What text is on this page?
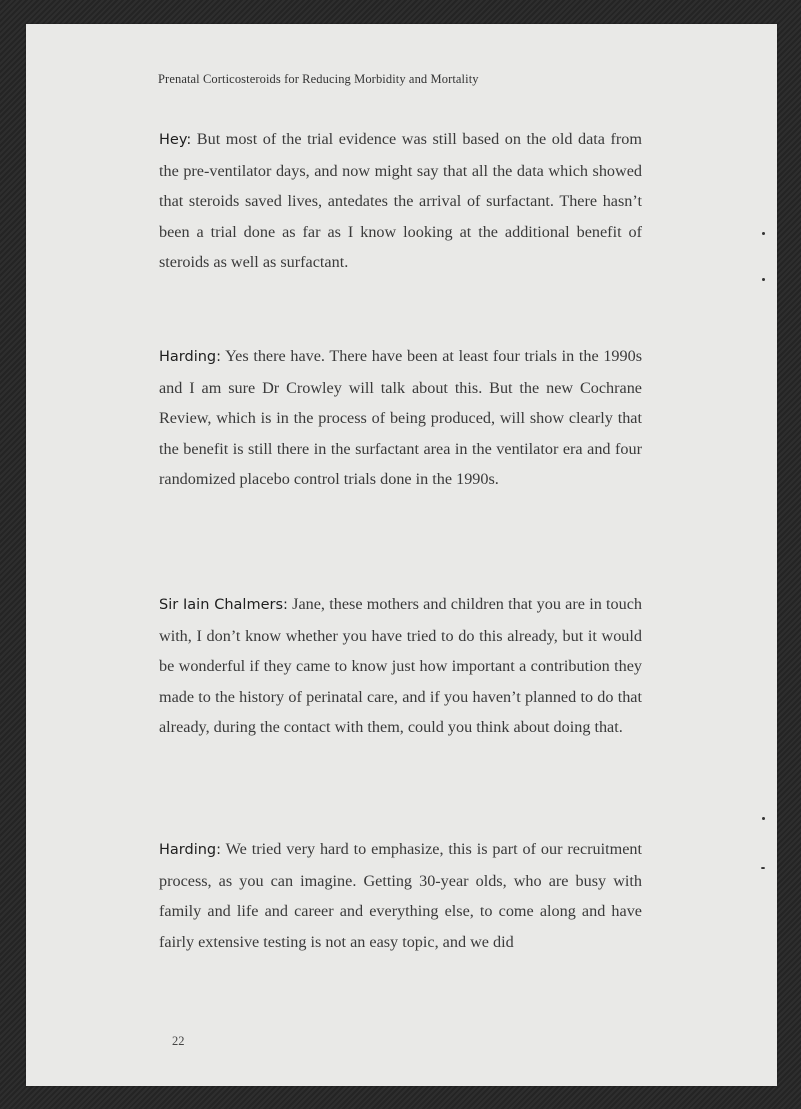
Prenatal Corticosteroids for Reducing Morbidity and Mortality
Hey: But most of the trial evidence was still based on the old data from the pre-ventilator days, and now might say that all the data which showed that steroids saved lives, antedates the arrival of surfactant. There hasn’t been a trial done as far as I know looking at the additional benefit of steroids as well as surfactant.
Harding: Yes there have. There have been at least four trials in the 1990s and I am sure Dr Crowley will talk about this. But the new Cochrane Review, which is in the process of being produced, will show clearly that the benefit is still there in the surfactant area in the ventilator era and four randomized placebo control trials done in the 1990s.
Sir Iain Chalmers: Jane, these mothers and children that you are in touch with, I don’t know whether you have tried to do this already, but it would be wonderful if they came to know just how important a contribution they made to the history of perinatal care, and if you haven’t planned to do that already, during the contact with them, could you think about doing that.
Harding: We tried very hard to emphasize, this is part of our recruitment process, as you can imagine. Getting 30-year olds, who are busy with family and life and career and everything else, to come along and have fairly extensive testing is not an easy topic, and we did
22
